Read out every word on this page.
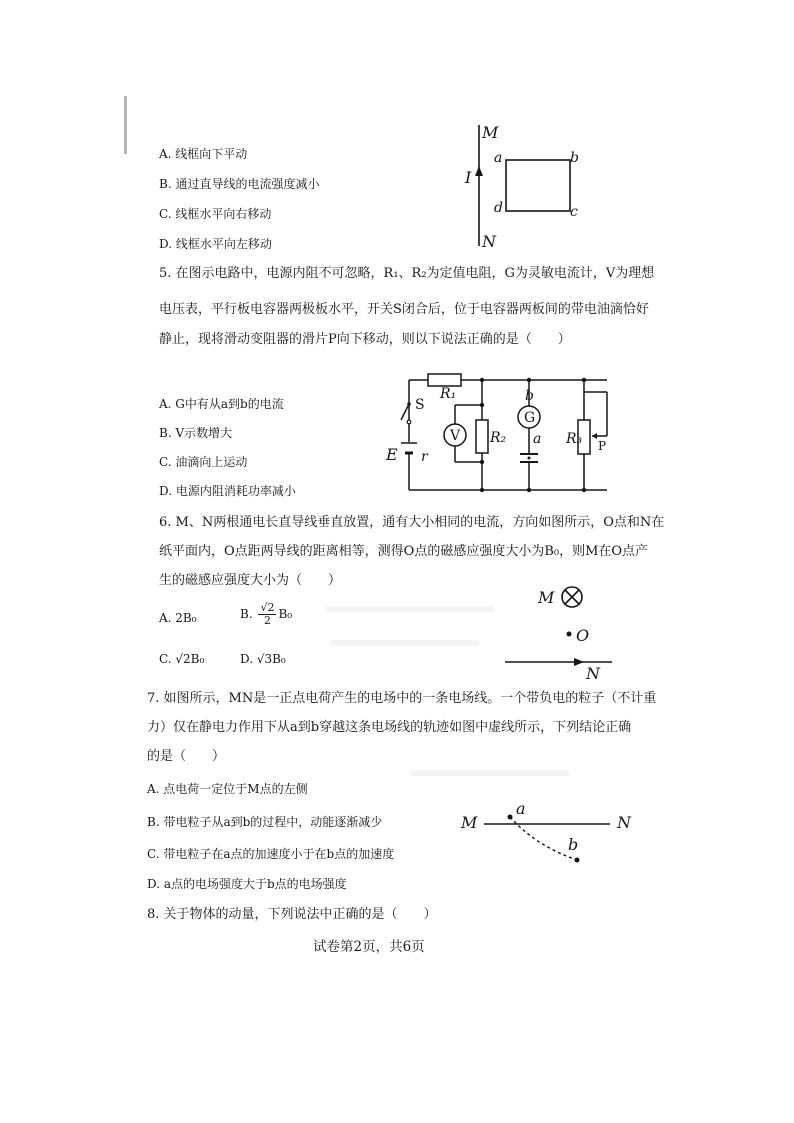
A. 线框向下平动
B. 通过直导线的电流强度减小
C. 线框水平向右移动
D. 线框水平向左移动
M
N
I
a	b
c
d
5. 在图示电路中，电源内阻不可忽略，R₁、R₂为定值电阻，G为灵敏电流计，V为理想
电压表，平行板电容器两极板水平，开关S闭合后，位于电容器两板间的带电油滴恰好
静止，现将滑动变阻器的滑片P向下移动，则以下说法正确的是（　　）
A. G中有从a到b的电流
B. V示数增大
C. 油滴向上运动
D. 电源内阻消耗功率减小
R₁
R₂	R₃
S
E r
G
V
P
b
a
6. M、N两根通电长直导线垂直放置，通有大小相同的电流，方向如图所示，O点和N在
纸平面内，O点距两导线的距离相等，测得O点的磁感应强度大小为B₀，则M在O点产
生的磁感应强度大小为（　　）
A. 2B₀	B. $\frac{√2}{2} B_0$
C. √2B₀	D. √3B₀
M
O
N
7. 如图所示，MN是一正点电荷产生的电场中的一条电场线。一个带负电的粒子（不计重
力）仅在静电力作用下从a到b穿越这条电场线的轨迹如图中虚线所示，下列结论正确
的是（　　）
A. 点电荷一定位于M点的左侧
B. 带电粒子从a到b的过程中，动能逐渐减少
C. 带电粒子在a点的加速度小于在b点的加速度
D. a点的电场强度大于b点的电场强度
M	N
a
b
8. 关于物体的动量，下列说法中正确的是（　　）
试卷第2页，共6页
